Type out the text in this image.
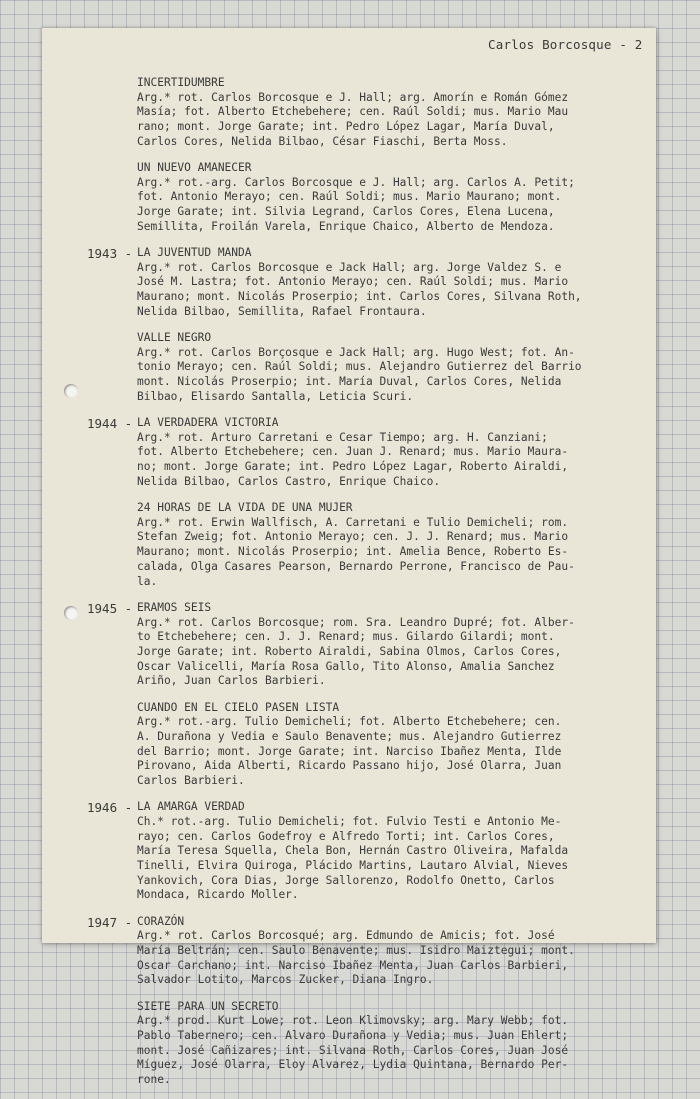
Carlos Borcosque - 2
INCERTIDUMBRE
Arg.* rot. Carlos Borcosque e J. Hall; arg. Amorín e Román Gómez
Masía; fot. Alberto Etchebehere; cen. Raúl Soldi; mus. Mario Mau
rano; mont. Jorge Garate; int. Pedro López Lagar, María Duval,
Carlos Cores, Nelida Bilbao, César Fiaschi, Berta Moss.
UN NUEVO AMANECER
Arg.* rot.-arg. Carlos Borcosque e J. Hall; arg. Carlos A. Petit;
fot. Antonio Merayo; cen. Raúl Soldi; mus. Mario Maurano; mont.
Jorge Garate; int. Silvia Legrand, Carlos Cores, Elena Lucena,
Semillita, Froilán Varela, Enrique Chaico, Alberto de Mendoza.
1943 - LA JUVENTUD MANDA
Arg.* rot. Carlos Borcosque e Jack Hall; arg. Jorge Valdez S. e
José M. Lastra; fot. Antonio Merayo; cen. Raúl Soldi; mus. Mario
Maurano; mont. Nicolás Proserpio; int. Carlos Cores, Silvana Roth,
Nelida Bilbao, Semillita, Rafael Frontaura.
VALLE NEGRO
Arg.* rot. Carlos Borçosque e Jack Hall; arg. Hugo West; fot. An-
tonio Merayo; cen. Raúl Soldi; mus. Alejandro Gutierrez del Barrio
mont. Nicolás Proserpio; int. María Duval, Carlos Cores, Nelida
Bilbao, Elisardo Santalla, Leticia Scuri.
1944 - LA VERDADERA VICTORIA
Arg.* rot. Arturo Carretani e Cesar Tiempo; arg. H. Canziani;
fot. Alberto Etchebehere; cen. Juan J. Renard; mus. Mario Maura-
no; mont. Jorge Garate; int. Pedro López Lagar, Roberto Airaldi,
Nelida Bilbao, Carlos Castro, Enrique Chaico.
24 HORAS DE LA VIDA DE UNA MUJER
Arg.* rot. Erwin Wallfisch, A. Carretani e Tulio Demicheli; rom.
Stefan Zweig; fot. Antonio Merayo; cen. J. J. Renard; mus. Mario
Maurano; mont. Nicolás Proserpio; int. Amelia Bence, Roberto Es-
calada, Olga Casares Pearson, Bernardo Perrone, Francisco de Pau-
la.
1945 - ERAMOS SEIS
Arg.* rot. Carlos Borcosque; rom. Sra. Leandro Dupré; fot. Alber-
to Etchebehere; cen. J. J. Renard; mus. Gilardo Gilardi; mont.
Jorge Garate; int. Roberto Airaldi, Sabina Olmos, Carlos Cores,
Oscar Valicelli, María Rosa Gallo, Tito Alonso, Amalia Sanchez
Ariño, Juan Carlos Barbieri.
CUANDO EN EL CIELO PASEN LISTA
Arg.* rot.-arg. Tulio Demicheli; fot. Alberto Etchebehere; cen.
A. Durañona y Vedia e Saulo Benavente; mus. Alejandro Gutierrez
del Barrio; mont. Jorge Garate; int. Narciso Ibañez Menta, Ilde
Pirovano, Aida Alberti, Ricardo Passano hijo, José Olarra, Juan
Carlos Barbieri.
1946 - LA AMARGA VERDAD
Ch.* rot.-arg. Tulio Demicheli; fot. Fulvio Testi e Antonio Me-
rayo; cen. Carlos Godefroy e Alfredo Torti; int. Carlos Cores,
María Teresa Squella, Chela Bon, Hernán Castro Oliveira, Mafalda
Tinelli, Elvira Quiroga, Plácido Martins, Lautaro Alvial, Nieves
Yankovich, Cora Dias, Jorge Sallorenzo, Rodolfo Onetto, Carlos
Mondaca, Ricardo Moller.
1947 - CORAZÓN
Arg.* rot. Carlos Borcosqué; arg. Edmundo de Amicis; fot. José
María Beltrán; cen. Saulo Benavente; mus. Isidro Maiztegui; mont.
Oscar Carchano; int. Narciso Ibañez Menta, Juan Carlos Barbieri,
Salvador Lotito, Marcos Zucker, Diana Ingro.
SIETE PARA UN SECRETO
Arg.* prod. Kurt Lowe; rot. Leon Klimovsky; arg. Mary Webb; fot.
Pablo Tabernero; cen. Alvaro Durañona y Vedia; mus. Juan Ehlert;
mont. José Cañizares; int. Silvana Roth, Carlos Cores, Juan José
Míguez, José Olarra, Eloy Alvarez, Lydia Quintana, Bernardo Per-
rone.
